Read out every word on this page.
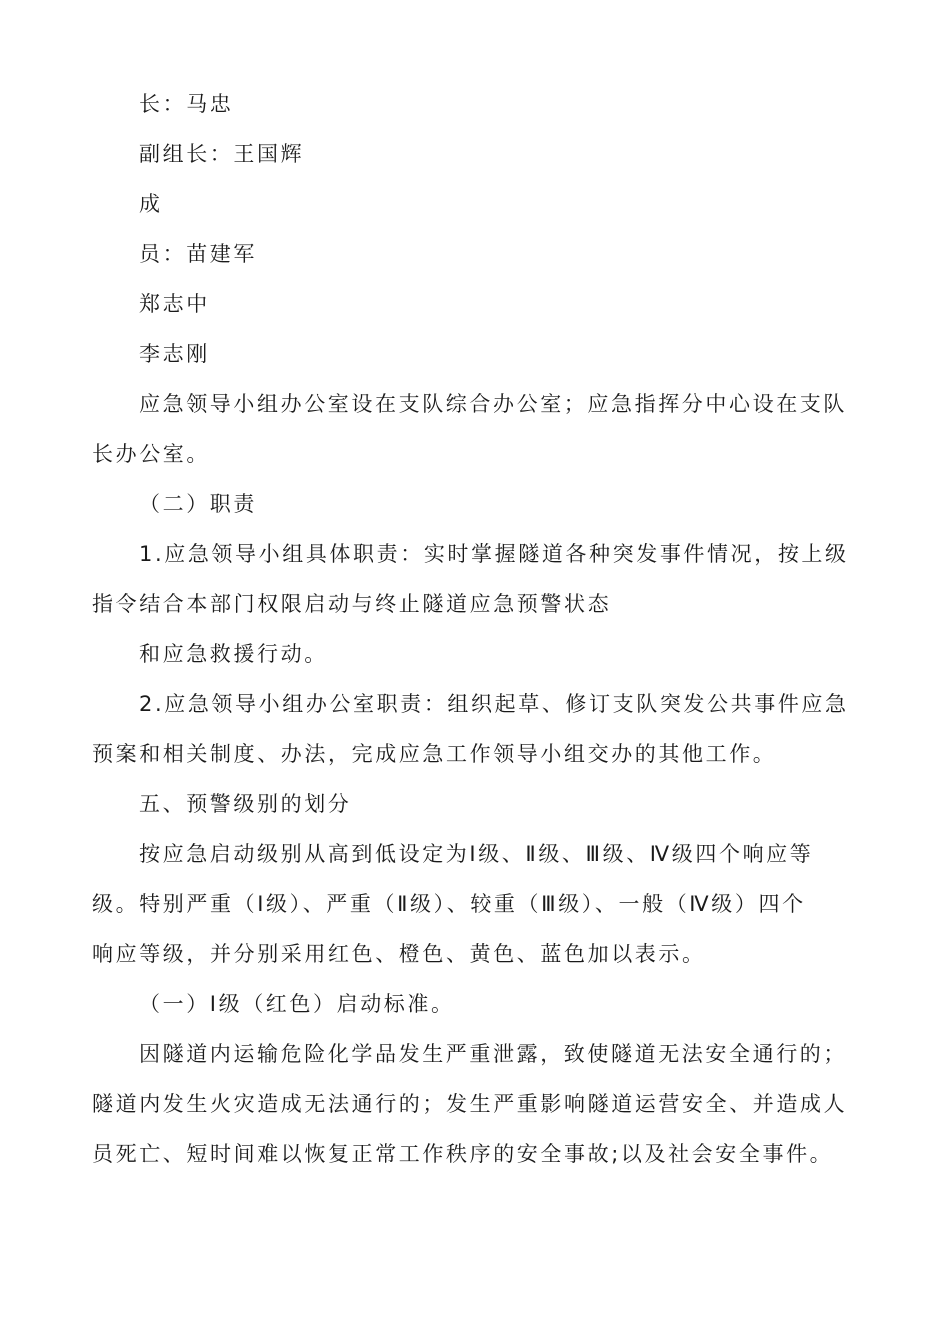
长：马忠
副组长：王国辉
成
员：苗建军
郑志中
李志刚
应急领导小组办公室设在支队综合办公室；应急指挥分中心设在支队
长办公室。
（二）职责
1.应急领导小组具体职责：实时掌握隧道各种突发事件情况，按上级
指令结合本部门权限启动与终止隧道应急预警状态
和应急救援行动。
2.应急领导小组办公室职责：组织起草、修订支队突发公共事件应急
预案和相关制度、办法，完成应急工作领导小组交办的其他工作。
五、预警级别的划分
按应急启动级别从高到低设定为Ⅰ级、Ⅱ级、Ⅲ级、Ⅳ级四个响应等
级。特别严重（Ⅰ级）、严重（Ⅱ级）、较重（Ⅲ级）、一般（Ⅳ级）四个
响应等级，并分别采用红色、橙色、黄色、蓝色加以表示。
（一）Ⅰ级（红色）启动标准。
因隧道内运输危险化学品发生严重泄露，致使隧道无法安全通行的；
隧道内发生火灾造成无法通行的；发生严重影响隧道运营安全、并造成人
员死亡、短时间难以恢复正常工作秩序的安全事故;以及社会安全事件。
